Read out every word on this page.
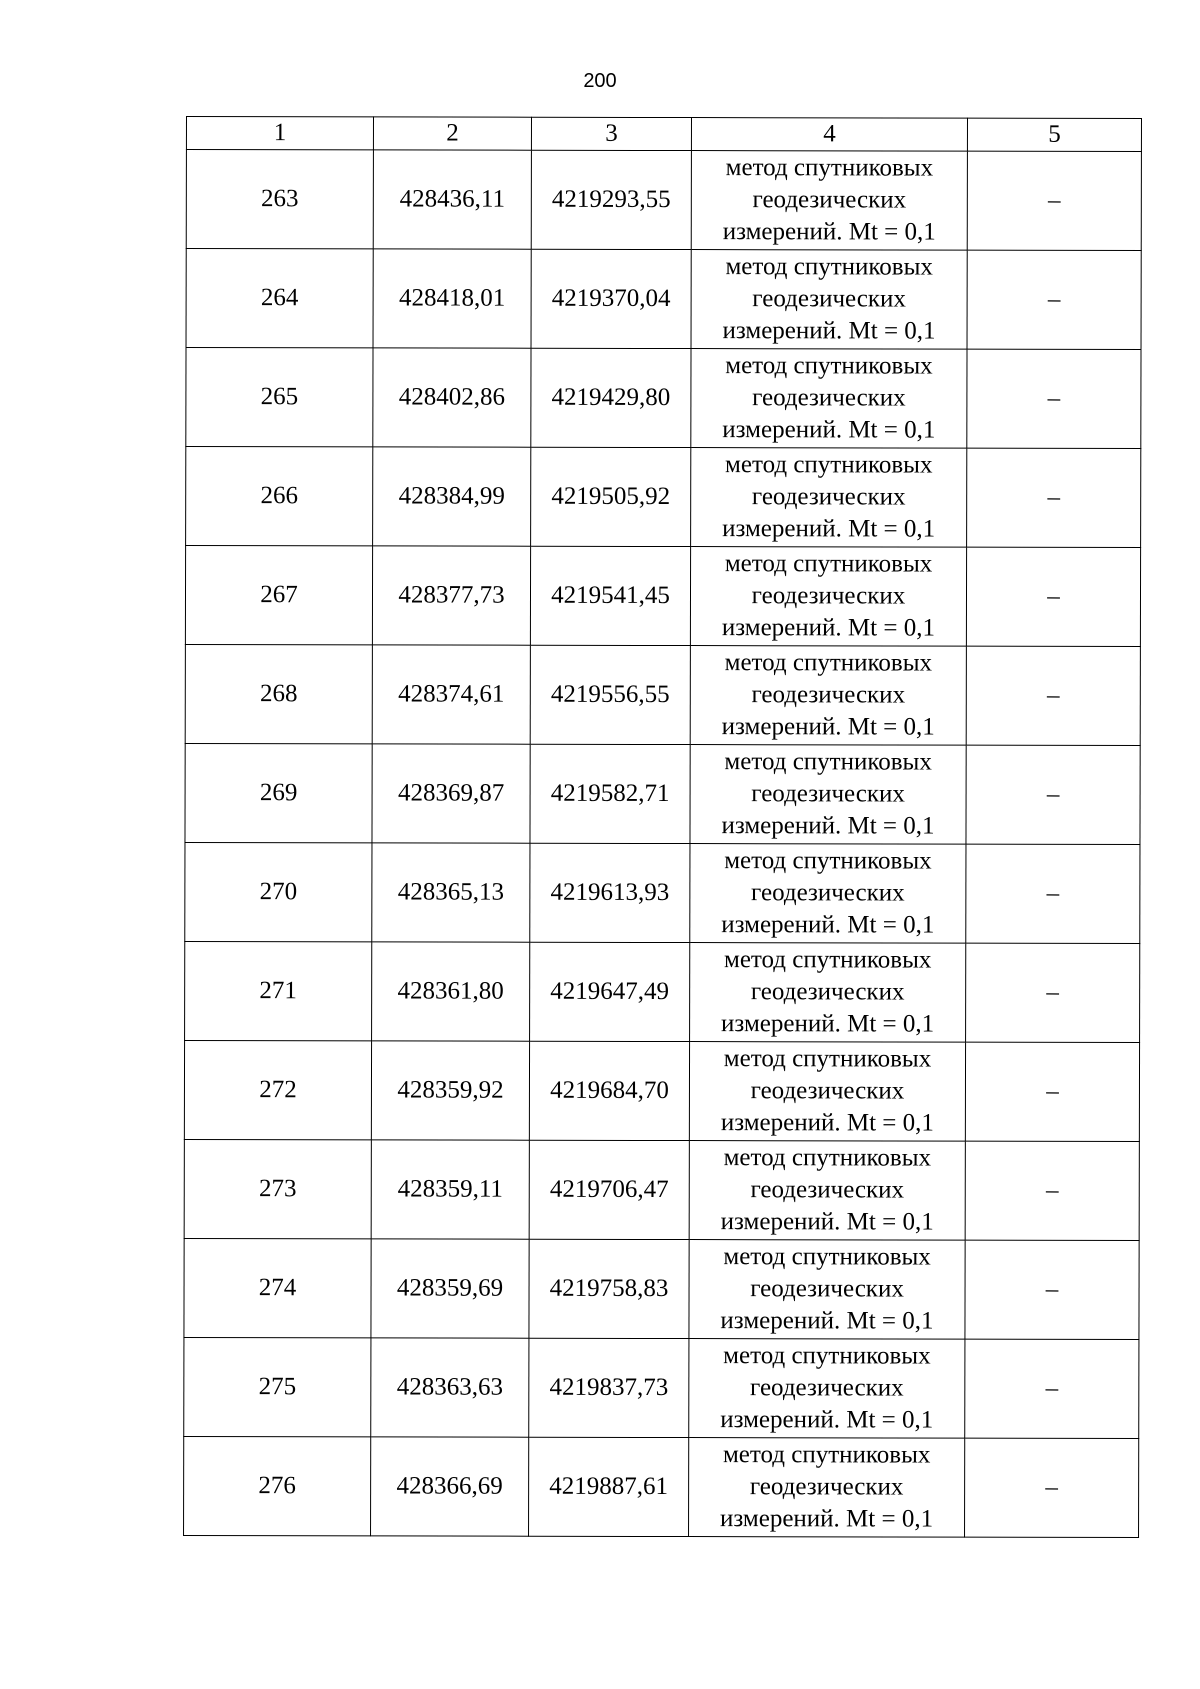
200
1	2	3	4	5
263	428436,11	4219293,55	метод спутниковых
геодезических
измерений. Mt = 0,1	–
264	428418,01	4219370,04	метод спутниковых
геодезических
измерений. Mt = 0,1	–
265	428402,86	4219429,80	метод спутниковых
геодезических
измерений. Mt = 0,1	–
266	428384,99	4219505,92	метод спутниковых
геодезических
измерений. Mt = 0,1	–
267	428377,73	4219541,45	метод спутниковых
геодезических
измерений. Mt = 0,1	–
268	428374,61	4219556,55	метод спутниковых
геодезических
измерений. Mt = 0,1	–
269	428369,87	4219582,71	метод спутниковых
геодезических
измерений. Mt = 0,1	–
270	428365,13	4219613,93	метод спутниковых
геодезических
измерений. Mt = 0,1	–
271	428361,80	4219647,49	метод спутниковых
геодезических
измерений. Mt = 0,1	–
272	428359,92	4219684,70	метод спутниковых
геодезических
измерений. Mt = 0,1	–
273	428359,11	4219706,47	метод спутниковых
геодезических
измерений. Mt = 0,1	–
274	428359,69	4219758,83	метод спутниковых
геодезических
измерений. Mt = 0,1	–
275	428363,63	4219837,73	метод спутниковых
геодезических
измерений. Mt = 0,1	–
276	428366,69	4219887,61	метод спутниковых
геодезических
измерений. Mt = 0,1	–
